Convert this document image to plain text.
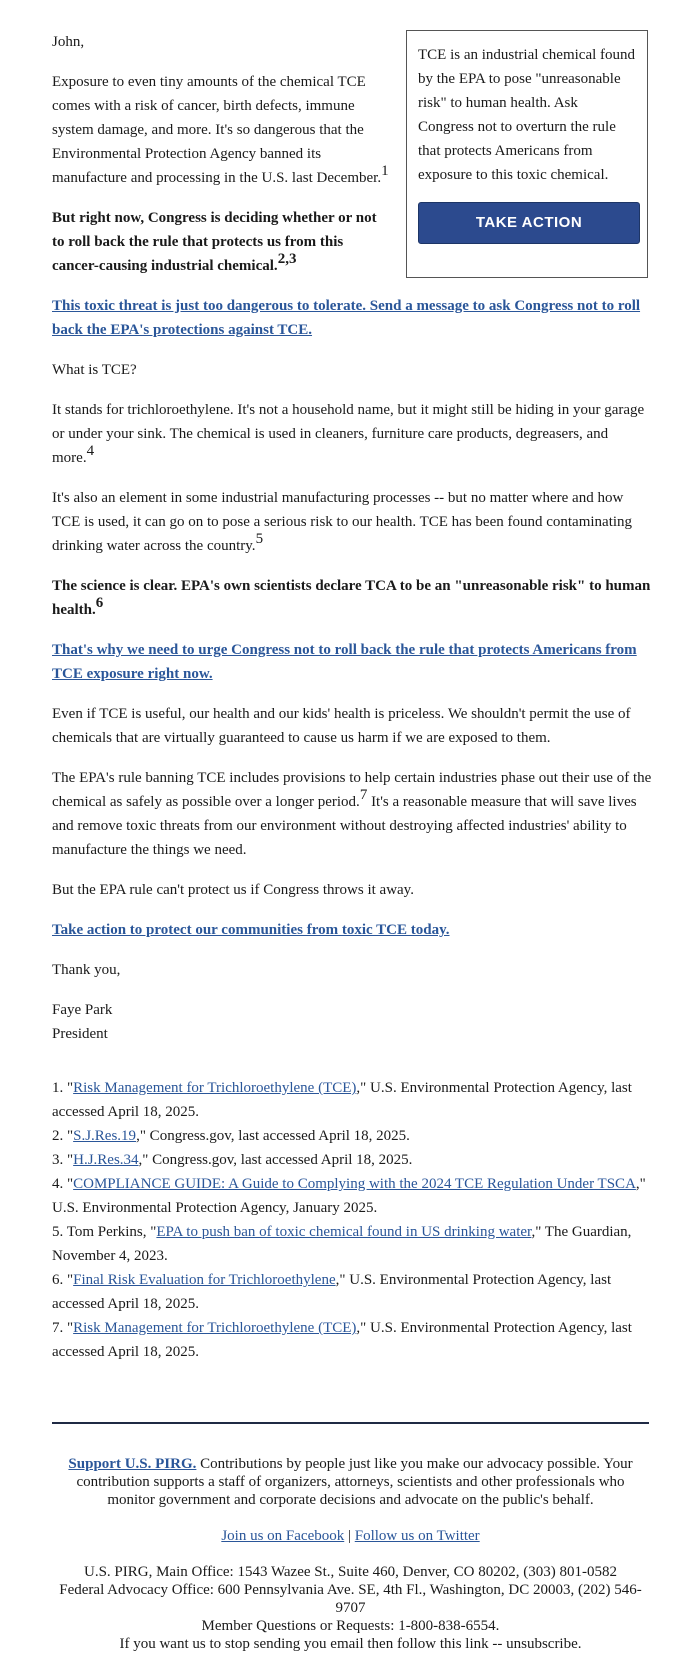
TCE is an industrial chemical found by the EPA to pose "unreasonable risk" to human health. Ask Congress not to overturn the rule that protects Americans from exposure to this toxic chemical.

TAKE ACTION

John,

Exposure to even tiny amounts of the chemical TCE comes with a risk of cancer, birth defects, immune system damage, and more. It's so dangerous that the Environmental Protection Agency banned its manufacture and processing in the U.S. last December.$^1$

But right now, Congress is deciding whether or not to roll back the rule that protects us from this cancer-causing industrial chemical.$^{2,3}$

This toxic threat is just too dangerous to tolerate. Send a message to ask Congress not to roll back the EPA's protections against TCE.

What is TCE?

It stands for trichloroethylene. It's not a household name, but it might still be hiding in your garage or under your sink. The chemical is used in cleaners, furniture care products, degreasers, and more.$^4$

It's also an element in some industrial manufacturing processes -- but no matter where and how TCE is used, it can go on to pose a serious risk to our health. TCE has been found contaminating drinking water across the country.$^5$

The science is clear. EPA's own scientists declare TCA to be an "unreasonable risk" to human health.$^6$

That's why we need to urge Congress not to roll back the rule that protects Americans from TCE exposure right now.

Even if TCE is useful, our health and our kids' health is priceless. We shouldn't permit the use of chemicals that are virtually guaranteed to cause us harm if we are exposed to them.

The EPA's rule banning TCE includes provisions to help certain industries phase out their use of the chemical as safely as possible over a longer period.$^7$ It's a reasonable measure that will save lives and remove toxic threats from our environment without destroying affected industries' ability to manufacture the things we need.

But the EPA rule can't protect us if Congress throws it away.

Take action to protect our communities from toxic TCE today.

Thank you,

Faye Park
President
1. "Risk Management for Trichloroethylene (TCE)," U.S. Environmental Protection Agency, last accessed April 18, 2025.
2. "S.J.Res.19," Congress.gov, last accessed April 18, 2025.
3. "H.J.Res.34," Congress.gov, last accessed April 18, 2025.
4. "COMPLIANCE GUIDE: A Guide to Complying with the 2024 TCE Regulation Under TSCA," U.S. Environmental Protection Agency, January 2025.
5. Tom Perkins, "EPA to push ban of toxic chemical found in US drinking water," The Guardian, November 4, 2023.
6. "Final Risk Evaluation for Trichloroethylene," U.S. Environmental Protection Agency, last accessed April 18, 2025.
7. "Risk Management for Trichloroethylene (TCE)," U.S. Environmental Protection Agency, last accessed April 18, 2025.

Support U.S. PIRG. Contributions by people just like you make our advocacy possible. Your contribution supports a staff of organizers, attorneys, scientists and other professionals who monitor government and corporate decisions and advocate on the public's behalf.

Join us on Facebook | Follow us on Twitter

U.S. PIRG, Main Office: 1543 Wazee St., Suite 460, Denver, CO 80202, (303) 801-0582
Federal Advocacy Office: 600 Pennsylvania Ave. SE, 4th Fl., Washington, DC 20003, (202) 546-9707
Member Questions or Requests: 1-800-838-6554.
If you want us to stop sending you email then follow this link -- unsubscribe.
